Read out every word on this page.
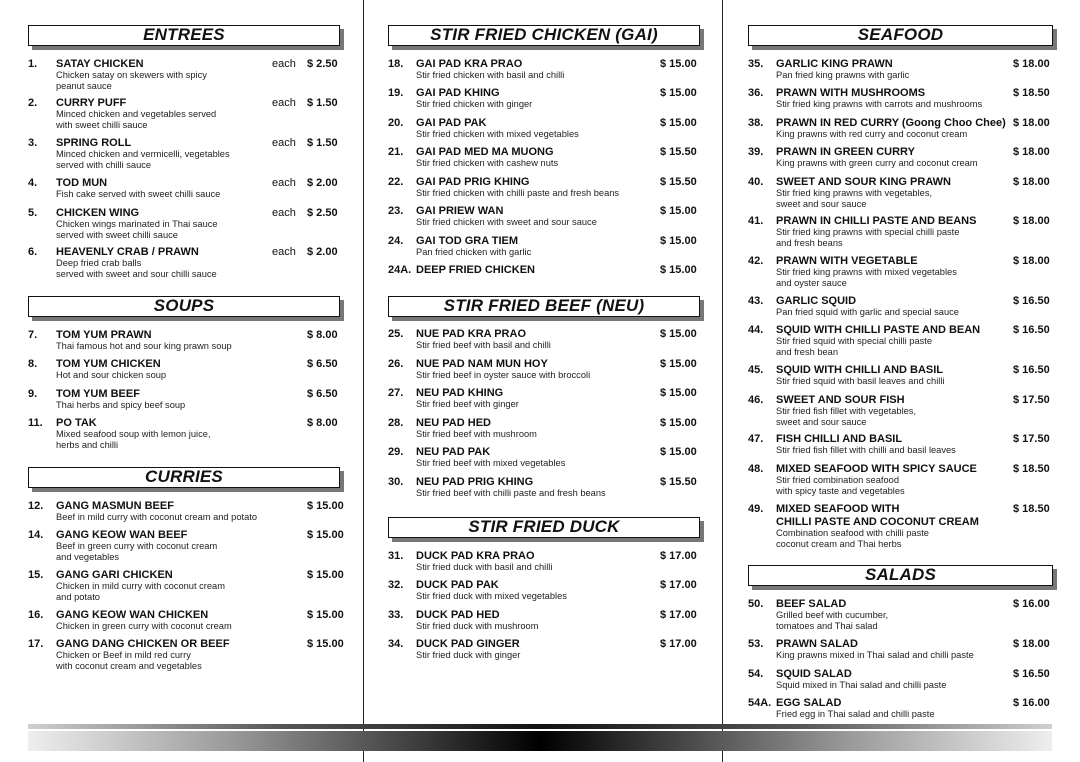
ENTREES
1. SATAY CHICKEN	each $ 2.50
Chicken satay on skewers with spicy
peanut sauce
2. CURRY PUFF	each $ 1.50
Minced chicken and vegetables served
with sweet chilli sauce
3. SPRING ROLL	each $ 1.50
Minced chicken and vermicelli, vegetables
served with chilli sauce
4. TOD MUN	each $ 2.00
Fish cake served with sweet chilli sauce
5. CHICKEN WING	each $ 2.50
Chicken wings marinated in Thai sauce
served with sweet chilli sauce
6. HEAVENLY CRAB / PRAWN	each $ 2.00
Deep fried crab balls
served with sweet and sour chilli sauce
SOUPS
7. TOM YUM PRAWN	$ 8.00
Thai famous hot and sour king prawn soup
8. TOM YUM CHICKEN	$ 6.50
Hot and sour chicken soup
9. TOM YUM BEEF	$ 6.50
Thai herbs and spicy beef soup
11. PO TAK	$ 8.00
Mixed seafood soup with lemon juice,
herbs and chilli
CURRIES
12. GANG MASMUN BEEF	$ 15.00
Beef in mild curry with coconut cream and potato
14. GANG KEOW WAN BEEF	$ 15.00
Beef in green curry with coconut cream
and vegetables
15. GANG GARI CHICKEN	$ 15.00
Chicken in mild curry with coconut cream
and potato
16. GANG KEOW WAN CHICKEN	$ 15.00
Chicken in green curry with coconut cream
17. GANG DANG CHICKEN OR BEEF	$ 15.00
Chicken or Beef in mild red curry
with coconut cream and vegetables
STIR FRIED CHICKEN (GAI)
18. GAI PAD KRA PRAO	$ 15.00
Stir fried chicken with basil and chilli
19. GAI PAD KHING	$ 15.00
Stir fried chicken with ginger
20. GAI PAD PAK	$ 15.00
Stir fried chicken with mixed vegetables
21. GAI PAD MED MA MUONG	$ 15.50
Stir fried chicken with cashew nuts
22. GAI PAD PRIG KHING	$ 15.50
Stir fried chicken with chilli paste and fresh beans
23. GAI PRIEW WAN	$ 15.00
Stir fried chicken with sweet and sour sauce
24. GAI TOD GRA TIEM	$ 15.00
Pan fried chicken with garlic
24A. DEEP FRIED CHICKEN	$ 15.00
STIR FRIED BEEF (NEU)
25. NUE PAD KRA PRAO	$ 15.00
Stir fried beef with basil and chilli
26. NUE PAD NAM MUN HOY	$ 15.00
Stir fried beef in oyster sauce with broccoli
27. NEU PAD KHING	$ 15.00
Stir fried beef with ginger
28. NEU PAD HED	$ 15.00
Stir fried beef with mushroom
29. NEU PAD PAK	$ 15.00
Stir fried beef with mixed vegetables
30. NEU PAD PRIG KHING	$ 15.50
Stir fried beef with chilli paste and fresh beans
STIR FRIED DUCK
31. DUCK PAD KRA PRAO	$ 17.00
Stir fried duck with basil and chilli
32. DUCK PAD PAK	$ 17.00
Stir fried duck with mixed vegetables
33. DUCK PAD HED	$ 17.00
Stir fried duck with mushroom
34. DUCK PAD GINGER	$ 17.00
Stir fried duck with ginger
SEAFOOD
35. GARLIC KING PRAWN	$ 18.00
Pan fried king prawns with garlic
36. PRAWN WITH MUSHROOMS	$ 18.50
Stir fried king prawns with carrots and mushrooms
38. PRAWN IN RED CURRY (Goong Choo Chee) $ 18.00
King prawns with red curry and coconut cream
39. PRAWN IN GREEN CURRY	$ 18.00
King prawns with green curry and coconut cream
40. SWEET AND SOUR KING PRAWN	$ 18.00
Stir fried king prawns with vegetables,
sweet and sour sauce
41. PRAWN IN CHILLI PASTE AND BEANS	$ 18.00
Stir fried king prawns with special chilli paste
and fresh beans
42. PRAWN WITH VEGETABLE	$ 18.00
Stir fried king prawns with mixed vegetables
and oyster sauce
43. GARLIC SQUID	$ 16.50
Pan fried squid with garlic and special sauce
44. SQUID WITH CHILLI PASTE AND BEAN	$ 16.50
Stir fried squid with special chilli paste
and fresh bean
45. SQUID WITH CHILLI AND BASIL	$ 16.50
Stir fried squid with basil leaves and chilli
46. SWEET AND SOUR FISH	$ 17.50
Stir fried fish fillet with vegetables,
sweet and sour sauce
47. FISH CHILLI AND BASIL	$ 17.50
Stir fried fish fillet with chilli and basil leaves
48. MIXED SEAFOOD WITH SPICY SAUCE	$ 18.50
Stir fried combination seafood
with spicy taste and vegetables
49. MIXED SEAFOOD WITH
CHILLI PASTE AND COCONUT CREAM
$ 18.50
Combination seafood with chilli paste
coconut cream and Thai herbs
SALADS
50. BEEF SALAD	$ 16.00
Grilled beef with cucumber,
tomatoes and Thai salad
53. PRAWN SALAD	$ 18.00
King prawns mixed in Thai salad and chilli paste
54. SQUID SALAD	$ 16.50
Squid mixed in Thai salad and chilli paste
54A. EGG SALAD	$ 16.00
Fried egg in Thai salad and chilli paste
